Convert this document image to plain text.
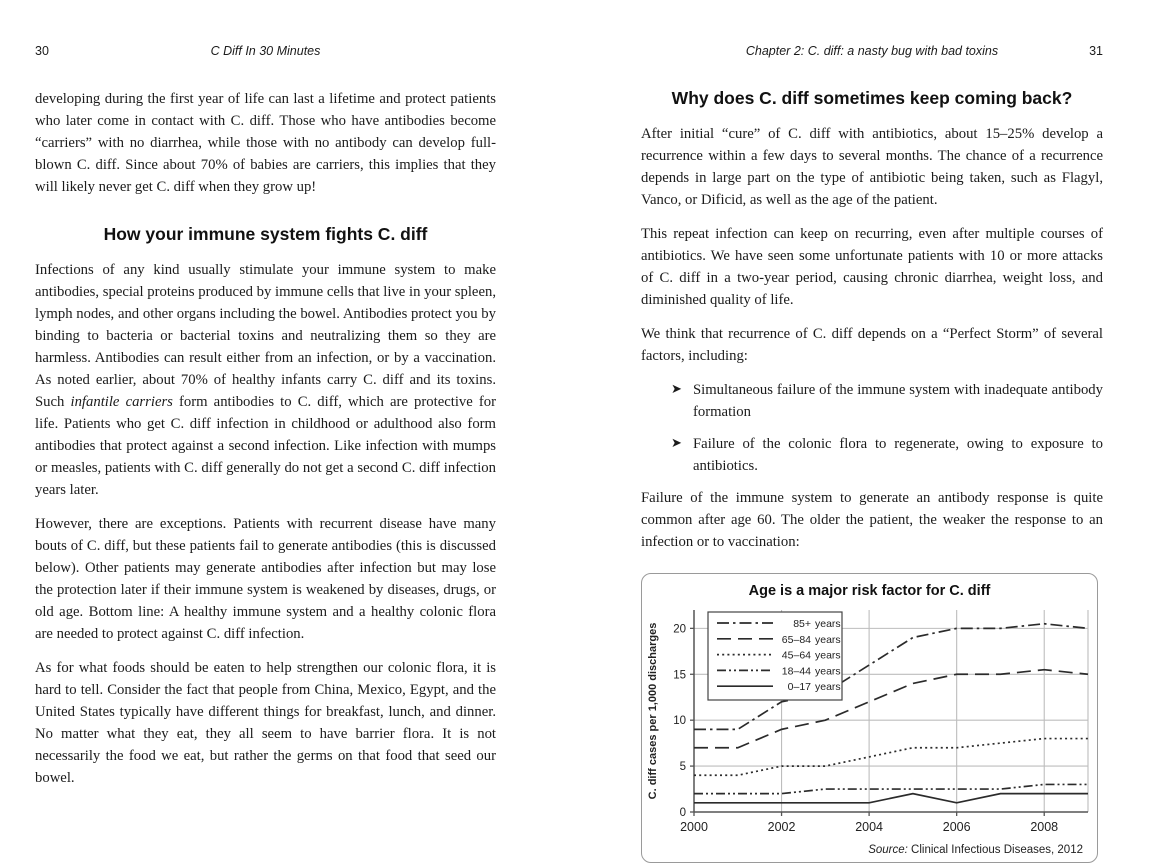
30	C Diff In 30 Minutes

developing during the first year of life can last a lifetime and protect patients who later come in contact with C. diff. Those who have antibodies become “carriers” with no diarrhea, while those with no antibody can develop full-blown C. diff. Since about 70% of babies are carriers, this implies that they will likely never get C. diff when they grow up!

How your immune system fights C. diff

Infections of any kind usually stimulate your immune system to make antibodies, special proteins produced by immune cells that live in your spleen, lymph nodes, and other organs including the bowel. Antibodies protect you by binding to bacteria or bacterial toxins and neutralizing them so they are harmless. Antibodies can result either from an infection, or by a vaccination. As noted earlier, about 70% of healthy infants carry C. diff and its toxins. Such infantile carriers form antibodies to C. diff, which are protective for life. Patients who get C. diff infection in childhood or adulthood also form antibodies that protect against a second infection. Like infection with mumps or measles, patients with C. diff generally do not get a second C. diff infection years later.

However, there are exceptions. Patients with recurrent disease have many bouts of C. diff, but these patients fail to generate antibodies (this is discussed below). Other patients may generate antibodies after infection but may lose the protection later if their immune system is weakened by diseases, drugs, or old age. Bottom line: A healthy immune system and a healthy colonic flora are needed to protect against C. diff infection.

As for what foods should be eaten to help strengthen our colonic flora, it is hard to tell. Consider the fact that people from China, Mexico, Egypt, and the United States typically have different things for breakfast, lunch, and dinner. No matter what they eat, they all seem to have barrier flora. It is not necessarily the food we eat, but rather the germs on that food that seed our bowel.

Chapter 2: C. diff: a nasty bug with bad toxins	31
Why does C. diff sometimes keep coming back?

After initial “cure” of C. diff with antibiotics, about 15–25% develop a recurrence within a few days to several months. The chance of a recurrence depends in large part on the type of antibiotic being taken, such as Flagyl, Vanco, or Dificid, as well as the age of the patient.

This repeat infection can keep on recurring, even after multiple courses of antibiotics. We have seen some unfortunate patients with 10 or more attacks of C. diff in a two-year period, causing chronic diarrhea, weight loss, and diminished quality of life.

We think that recurrence of C. diff depends on a “Perfect Storm” of several factors, including:

➤ Simultaneous failure of the immune system with inadequate antibody formation
➤ Failure of the colonic flora to regenerate, owing to exposure to antibiotics.

Failure of the immune system to generate an antibody response is quite common after age 60. The older the patient, the weaker the response to an infection or to vaccination:

Age is a major risk factor for C. diff
0
5
10
15
20
2000	2002	2004	2006	2008
C. diff cases per 1,000 discharges	85+ years
65–84 years
45–64 years
18–44 years
0–17 years
Source: Clinical Infectious Diseases, 2012
